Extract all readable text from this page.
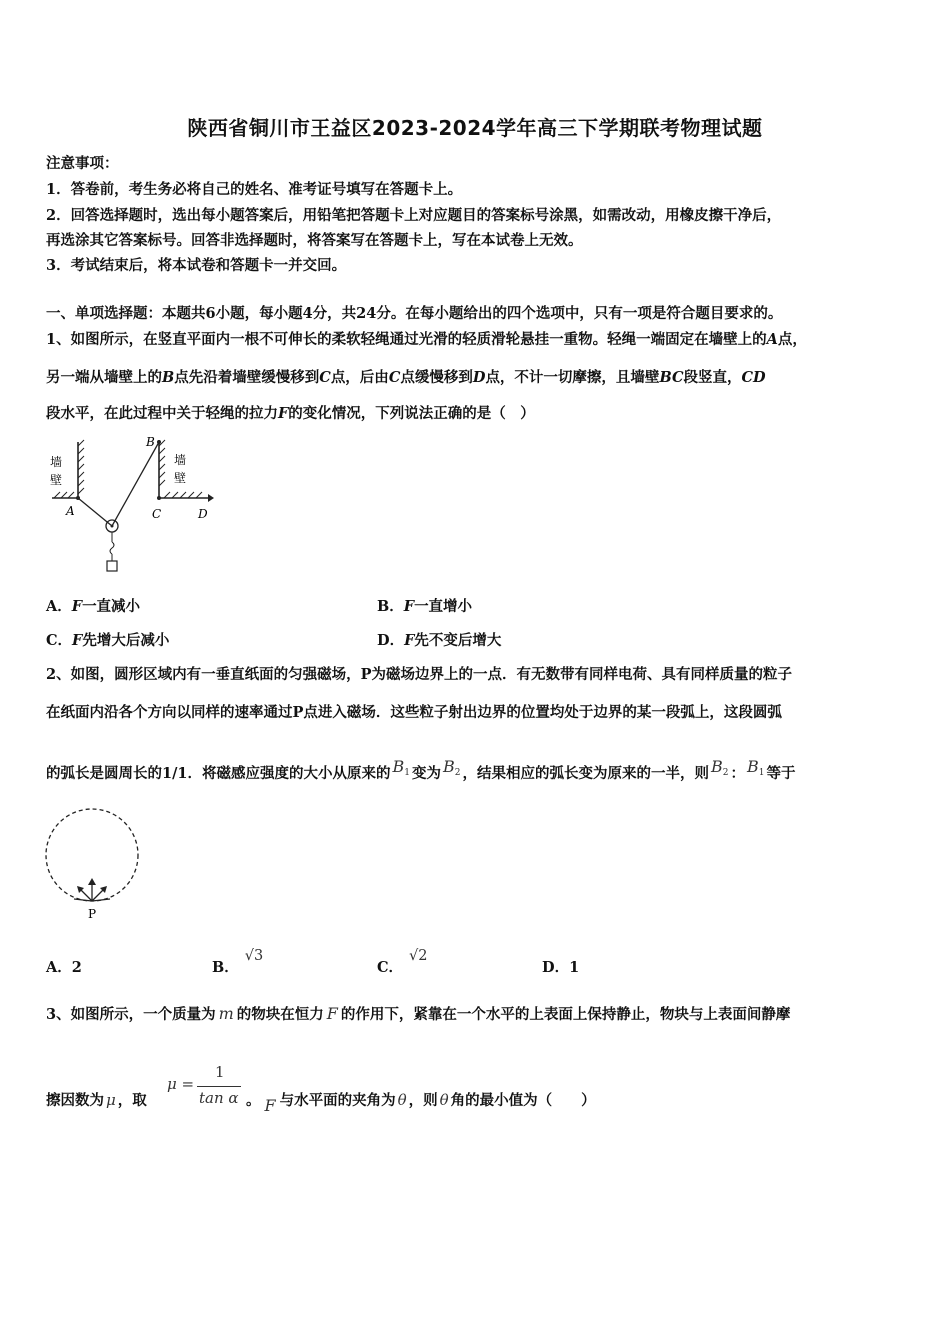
陕西省铜川市王益区2023-2024学年高三下学期联考物理试题
注意事项：
1．答卷前，考生务必将自己的姓名、准考证号填写在答题卡上。
2．回答选择题时，选出每小题答案后，用铅笔把答题卡上对应题目的答案标号涂黑，如需改动，用橡皮擦干净后，
再选涂其它答案标号。回答非选择题时，将答案写在答题卡上，写在本试卷上无效。
3．考试结束后，将本试卷和答题卡一并交回。
一、单项选择题：本题共6小题，每小题4分，共24分。在每小题给出的四个选项中，只有一项是符合题目要求的。
1、如图所示，在竖直平面内一根不可伸长的柔软轻绳通过光滑的轻质滑轮悬挂一重物。轻绳一端固定在墙壁上的A点，
另一端从墙壁上的B点先沿着墙壁缓慢移到C点，后由C点缓慢移到D点，不计一切摩擦，且墙壁BC段竖直，CD
段水平，在此过程中关于轻绳的拉力F的变化情况，下列说法正确的是（　）
墙
壁
墙
壁
A
B
C	D
A．F一直减小	B．F一直增小
C．F先增大后减小	D．F先不变后增大
2、如图，圆形区域内有一垂直纸面的匀强磁场，P为磁场边界上的一点．有无数带有同样电荷、具有同样质量的粒子
在纸面内沿各个方向以同样的速率通过P点进入磁场．这些粒子射出边界的位置均处于边界的某一段弧上，这段圆弧
的弧长是圆周长的1/1．将磁感应强度的大小从原来的 $B_1$ 变为 $B_2$ ，结果相应的弧长变为原来的一半，则 $B_2$ ： $B_1$ 等于
P
A．2	B．√3
C．√2
D．1
3、如图所示，一个质量为 m 的物块在恒力 F 的作用下，紧靠在一个水平的上表面上保持静止，物块与上表面间静摩
擦因数为 μ ，取
μ =
1
tan α 。 F 与水平面的夹角为 θ ，则 θ 角的最小值为（　　）
